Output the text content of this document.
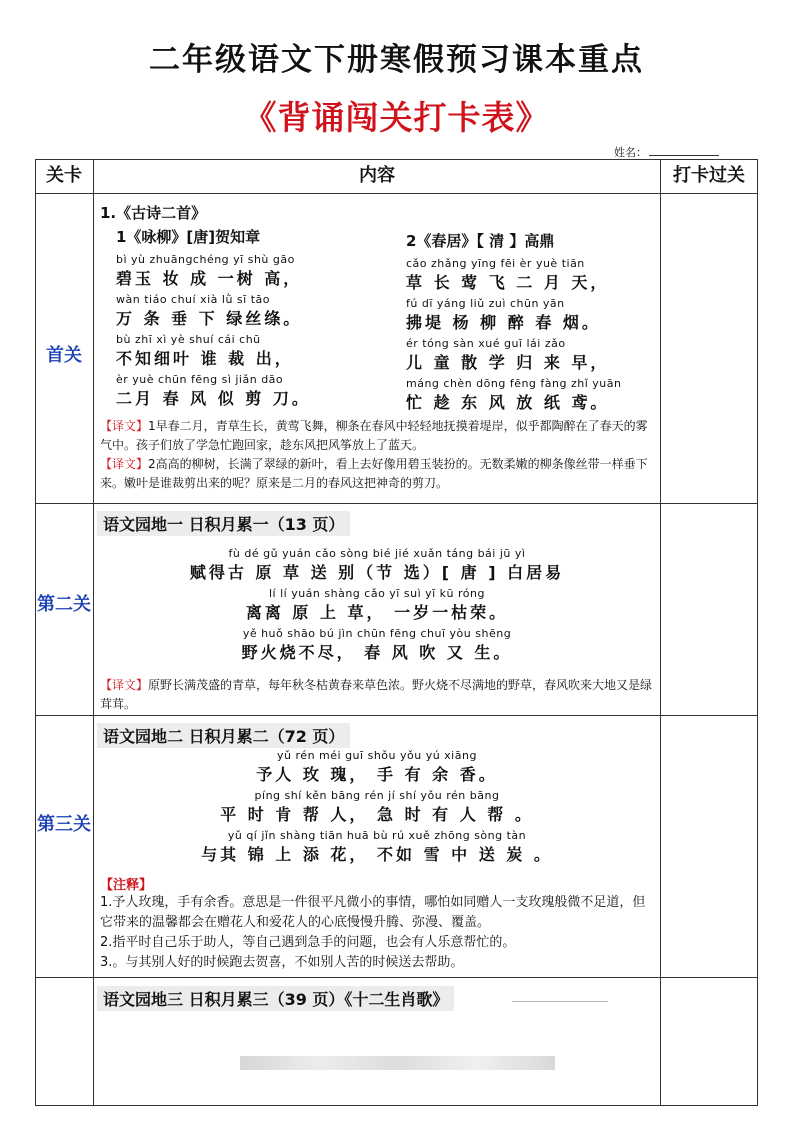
二年级语文下册寒假预习课本重点
《背诵闯关打卡表》
姓名：
关卡	内容	打卡过关
首关
第二关
第三关
1.《古诗二首》
1《咏柳》[唐]贺知章
bì yù zhuāngchéng yī shù gāo
碧玉 妆 成 一树 高，
wàn tiáo chuí xià lǜ sī tāo
万 条 垂 下 绿丝绦。
bù zhī xì yè shuí cái chū
不知细叶 谁 裁 出，
èr yuè chūn fēng sì jiǎn dāo
二月 春 风 似 剪 刀。
2《春居》【 清 】高鼎
cǎo zhǎng yīng fēi èr yuè tiān
草 长 莺 飞 二 月 天，
fú dī yáng liǔ zuì chūn yān
拂堤 杨 柳 醉 春 烟。
ér tóng sàn xué guī lái zǎo
儿 童 散 学 归 来 早，
máng chèn dōng fēng fàng zhǐ yuān
忙 趁 东 风 放 纸 鸢。
【译文】1早春二月，青草生长，黄莺飞舞，柳条在春风中轻轻地抚摸着堤岸，似乎都陶醉在了春天的雾气中。孩子们放了学急忙跑回家，趁东风把风筝放上了蓝天。
【译文】2高高的柳树，长满了翠绿的新叶，看上去好像用碧玉装扮的。无数柔嫩的柳条像丝带一样垂下来。嫩叶是谁裁剪出来的呢？原来是二月的春风这把神奇的剪刀。
语文园地一 日积月累一（13 页）
fù dé gǔ yuán cǎo sòng bié jié xuǎn táng bái jū yì
赋得古 原 草 送 别（节 选）[ 唐 ] 白居易
lí lí yuán shàng cǎo yī suì yī kū róng
离离 原 上 草， 一岁一枯荣。
yě huǒ shāo bú jìn chūn fēng chuī yòu shēng
野火烧不尽， 春 风 吹 又 生。
【译文】原野长满茂盛的青草，每年秋冬枯黄春来草色浓。野火烧不尽满地的野草，春风吹来大地又是绿茸茸。
语文园地二 日积月累二（72 页）
yǔ rén méi guī shǒu yǒu yú xiāng
予人 玫 瑰， 手 有 余 香。
píng shí kěn bāng rén jí shí yǒu rén bāng
平 时 肯 帮 人， 急 时 有 人 帮 。
yǔ qí jǐn shàng tiān huā bù rú xuě zhōng sòng tàn
与其 锦 上 添 花， 不如 雪 中 送 炭 。
【注释】
1.予人玫瑰，手有余香。意思是一件很平凡微小的事情，哪怕如同赠人一支玫瑰般微不足道，但它带来的温馨都会在赠花人和爱花人的心底慢慢升腾、弥漫、覆盖。
2.指平时自己乐于助人，等自己遇到急手的问题，也会有人乐意帮忙的。
3.。与其别人好的时候跑去贺喜，不如别人苦的时候送去帮助。
语文园地三 日积月累三（39 页）《十二生肖歌》
